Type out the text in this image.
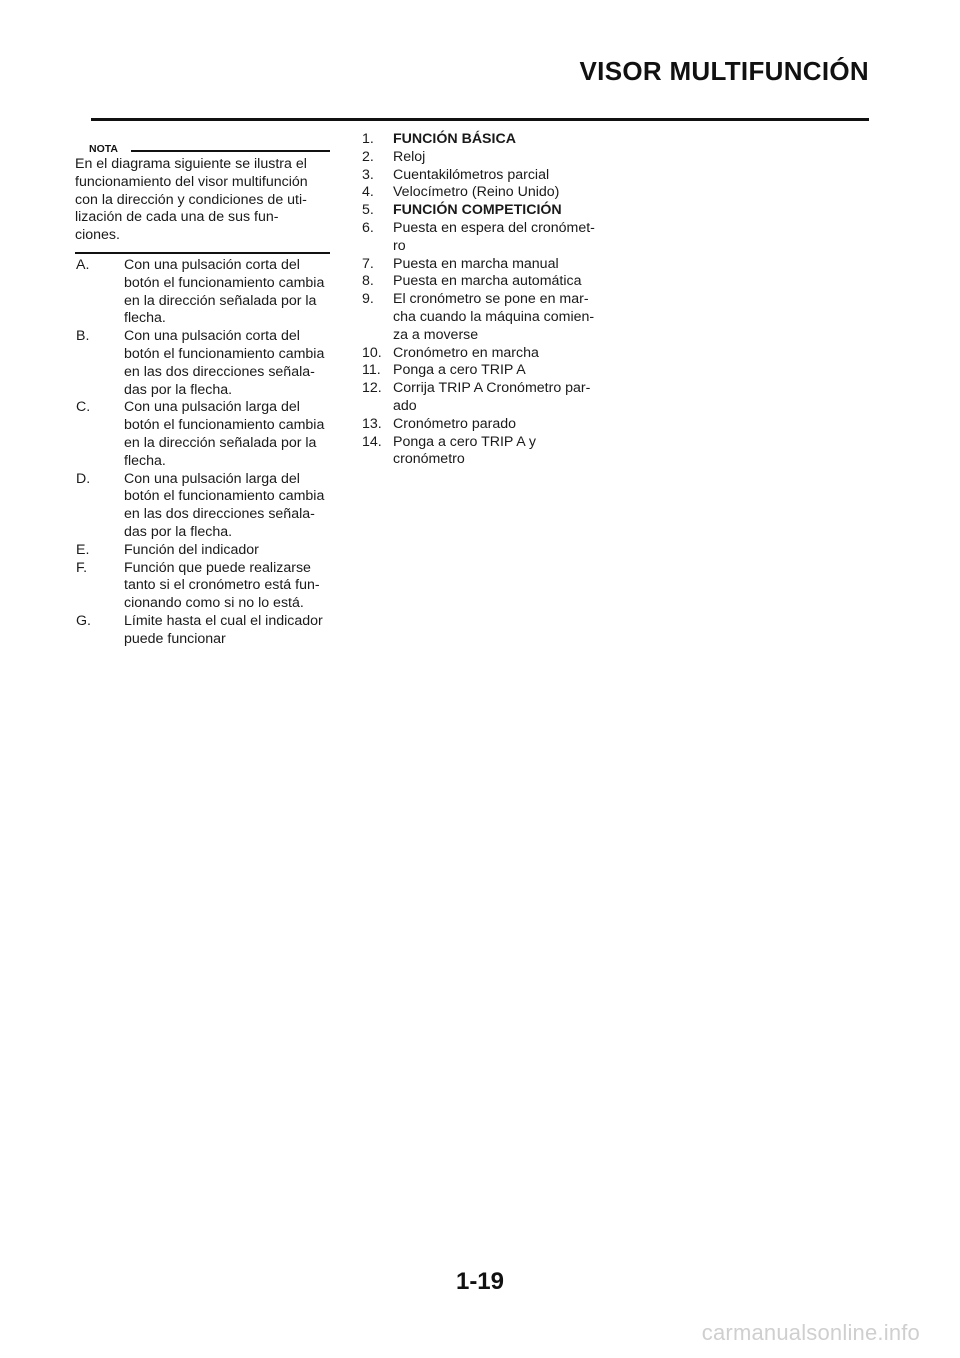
VISOR MULTIFUNCIÓN
NOTA

En el diagrama siguiente se ilustra el
funcionamiento del visor multifunción
con la dirección y condiciones de uti-
lización de cada una de sus fun-
ciones.

A. Con una pulsación corta del
botón el funcionamiento cambia
en la dirección señalada por la
flecha.
B. Con una pulsación corta del
botón el funcionamiento cambia
en las dos direcciones señala-
das por la flecha.
C. Con una pulsación larga del
botón el funcionamiento cambia
en la dirección señalada por la
flecha.
D. Con una pulsación larga del
botón el funcionamiento cambia
en las dos direcciones señala-
das por la flecha.
E. Función del indicador
F.	Función que puede realizarse
tanto si el cronómetro está fun-
cionando como si no lo está.
G. Límite hasta el cual el indicador
puede funcionar
1. FUNCIÓN BÁSICA
2. Reloj
3. Cuentakilómetros parcial
4. Velocímetro (Reino Unido)
5. FUNCIÓN COMPETICIÓN
6. Puesta en espera del cronómet-
ro
7. Puesta en marcha manual
8. Puesta en marcha automática
9. El cronómetro se pone en mar-
cha cuando la máquina comien-
za a moverse
10. Cronómetro en marcha
11. Ponga a cero TRIP A
12. Corrija TRIP A Cronómetro par-
ado
13. Cronómetro parado
14. Ponga a cero TRIP A y
cronómetro
1-19
carmanualsonline.info
